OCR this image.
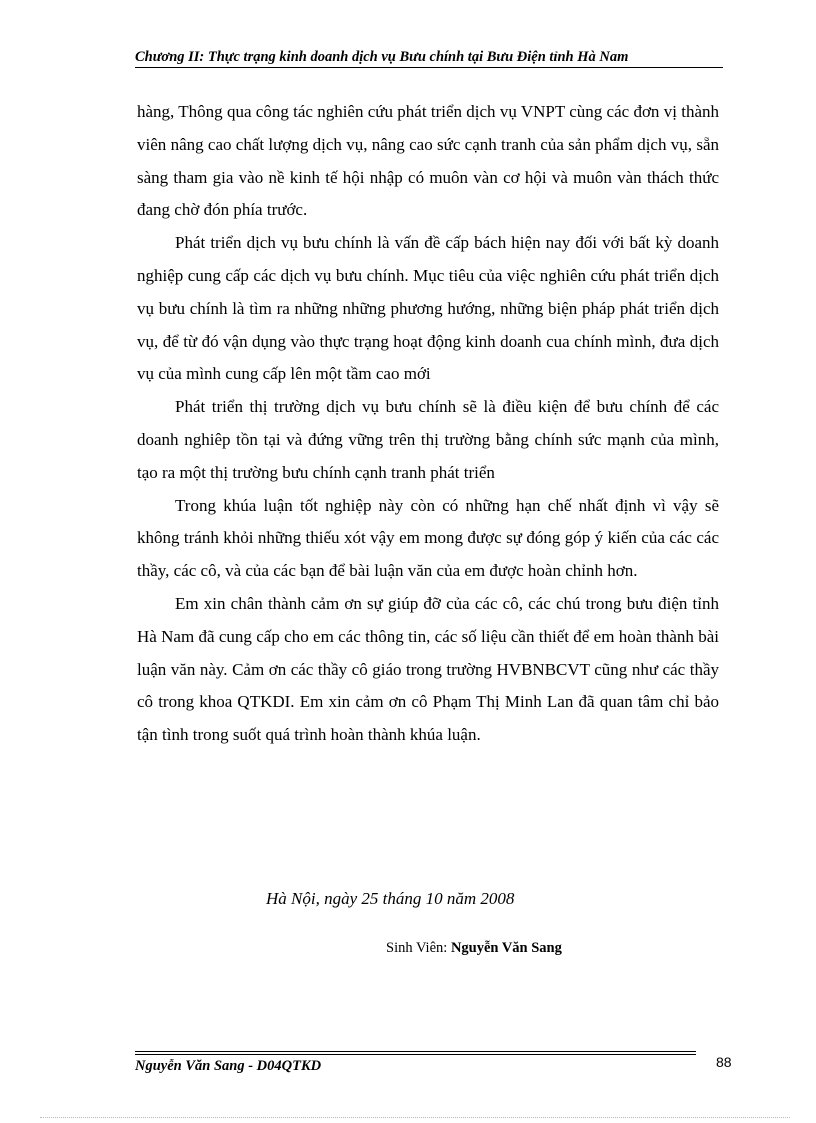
Chương II: Thực trạng kinh doanh dịch vụ Bưu chính tại Bưu Điện tỉnh Hà Nam

hàng, Thông qua công tác nghiên cứu phát triển dịch vụ VNPT cùng các đơn vị thành viên nâng cao chất lượng dịch vụ, nâng cao sức cạnh tranh của sản phẩm dịch vụ, sẵn sàng tham gia vào nề kinh tế hội nhập có muôn vàn cơ hội và muôn vàn thách thức đang chờ đón phía trước.

Phát triển dịch vụ bưu chính là vấn đề cấp bách hiện nay đối với bất kỳ doanh nghiệp cung cấp các dịch vụ bưu chính. Mục tiêu của việc nghiên cứu phát triển dịch vụ bưu chính là tìm ra những những phương hướng, những biện pháp phát triển dịch vụ, để từ đó vận dụng vào thực trạng hoạt động kinh doanh cua chính mình, đưa dịch vụ của mình cung cấp lên một tầm cao mới

Phát triển thị trường dịch vụ bưu chính sẽ là điều kiện để bưu chính để các doanh nghiêp tồn tại và đứng vững trên thị trường bằng chính sức mạnh của mình, tạo ra một thị trường bưu chính cạnh tranh phát triển

Trong khúa luận tốt nghiệp này còn có những hạn chế nhất định vì vậy sẽ không tránh khỏi những thiếu xót vậy em mong được sự đóng góp ý kiến của các các thầy, các cô, và của các bạn để bài luận văn của em được hoàn chỉnh hơn.

Em xin chân thành cảm ơn sự giúp đỡ của các cô, các chú trong bưu điện tỉnh Hà Nam đã cung cấp cho em các thông tin, các số liệu cần thiết để em hoàn thành bài luận văn này. Cảm ơn các thầy cô giáo trong trường HVBNBCVT cũng như các thầy cô trong khoa QTKDI. Em xin cảm ơn cô Phạm Thị Minh Lan đã quan tâm chỉ bảo tận tình trong suốt quá trình hoàn thành khúa luận.

Hà Nội, ngày 25 tháng 10 năm 2008
Sinh Viên: Nguyễn Văn Sang
Nguyễn Văn Sang - D04QTKD	88
